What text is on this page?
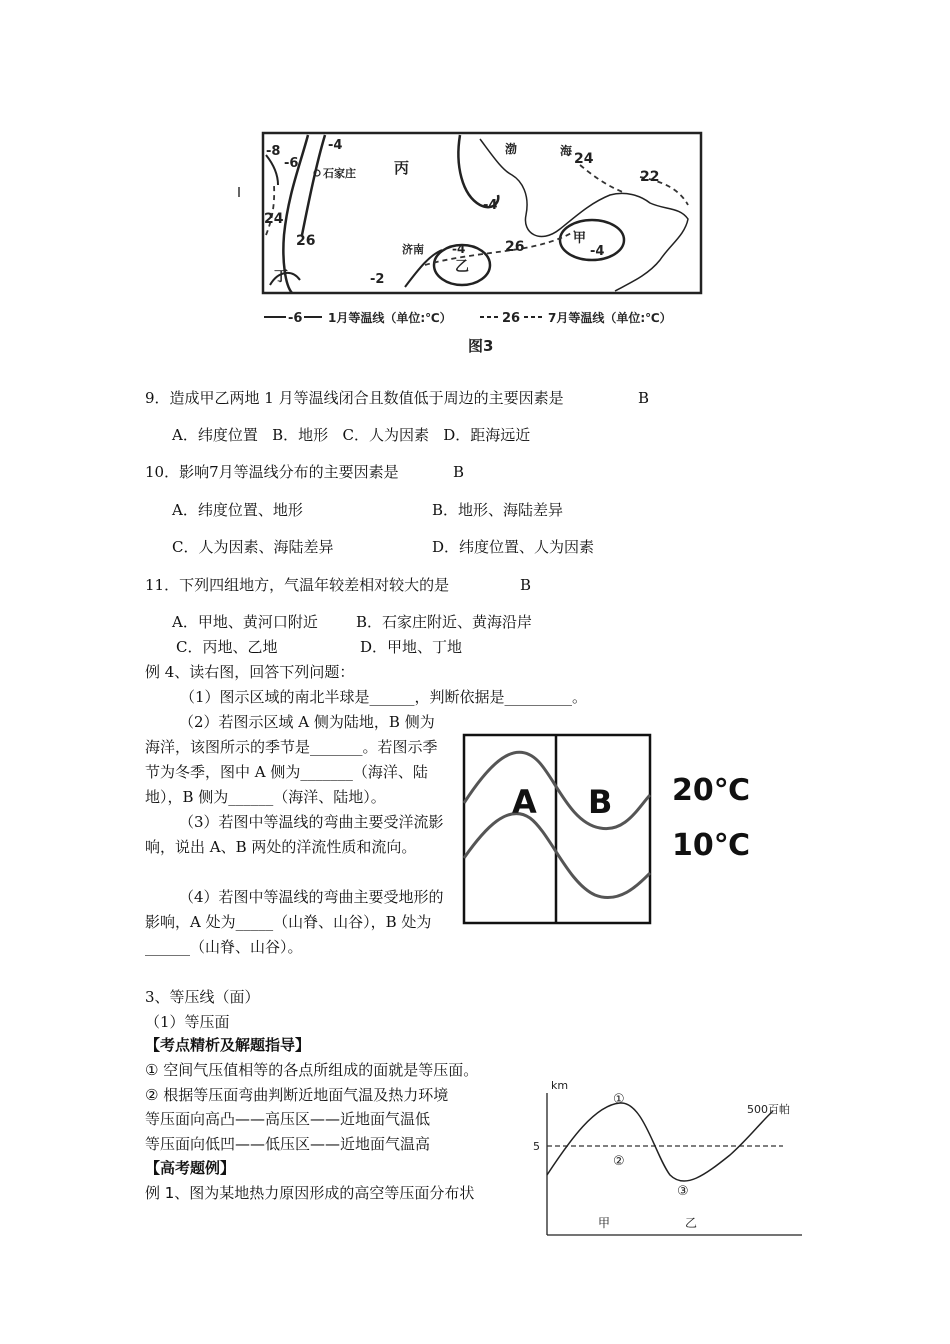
石家庄	丙
渤	海
济南
乙
甲
丁
-4
-8
-6
24
26
-4
24
22
26	-4
-2
-4
-6 1月等温线（单位:℃）	26 7月等温线（单位:℃）
图3
9．造成甲乙两地 1 月等温线闭合且数值低于周边的主要因素是	B
A．纬度位置   B．地形   C．人为因素   D．距海远近
10．影响7月等温线分布的主要因素是	B
A．纬度位置、地形	B．地形、海陆差异
C．人为因素、海陆差异	D．纬度位置、人为因素
11．下列四组地方，气温年较差相对较大的是	B
A．甲地、黄河口附近	B．石家庄附近、黄海沿岸
C．丙地、乙地	D．甲地、丁地
例 4、读右图，回答下列问题：
（1）图示区域的南北半球是______，判断依据是_________。
（2）若图示区域 A 侧为陆地，B 侧为海洋，该图所示的季节是_______。若图示季节为冬季，图中 A 侧为_______（海洋、陆地），B 侧为______（海洋、陆地）。
（3）若图中等温线的弯曲主要受洋流影响，说出 A、B 两处的洋流性质和流向。
（4）若图中等温线的弯曲主要受地形的影响，A 处为_____（山脊、山谷），B 处为______（山脊、山谷）。
A B 20℃
10℃
3、等压线（面）
（1）等压面
【考点精析及解题指导】
① 空间气压值相等的各点所组成的面就是等压面。
② 根据等压面弯曲判断近地面气温及热力环境
等压面向高凸——高压区——近地面气温低
等压面向低凹——低压区——近地面气温高
【高考题例】
例 1、图为某地热力原因形成的高空等压面分布状
km
5
500百帕
①
②
③
甲	乙
